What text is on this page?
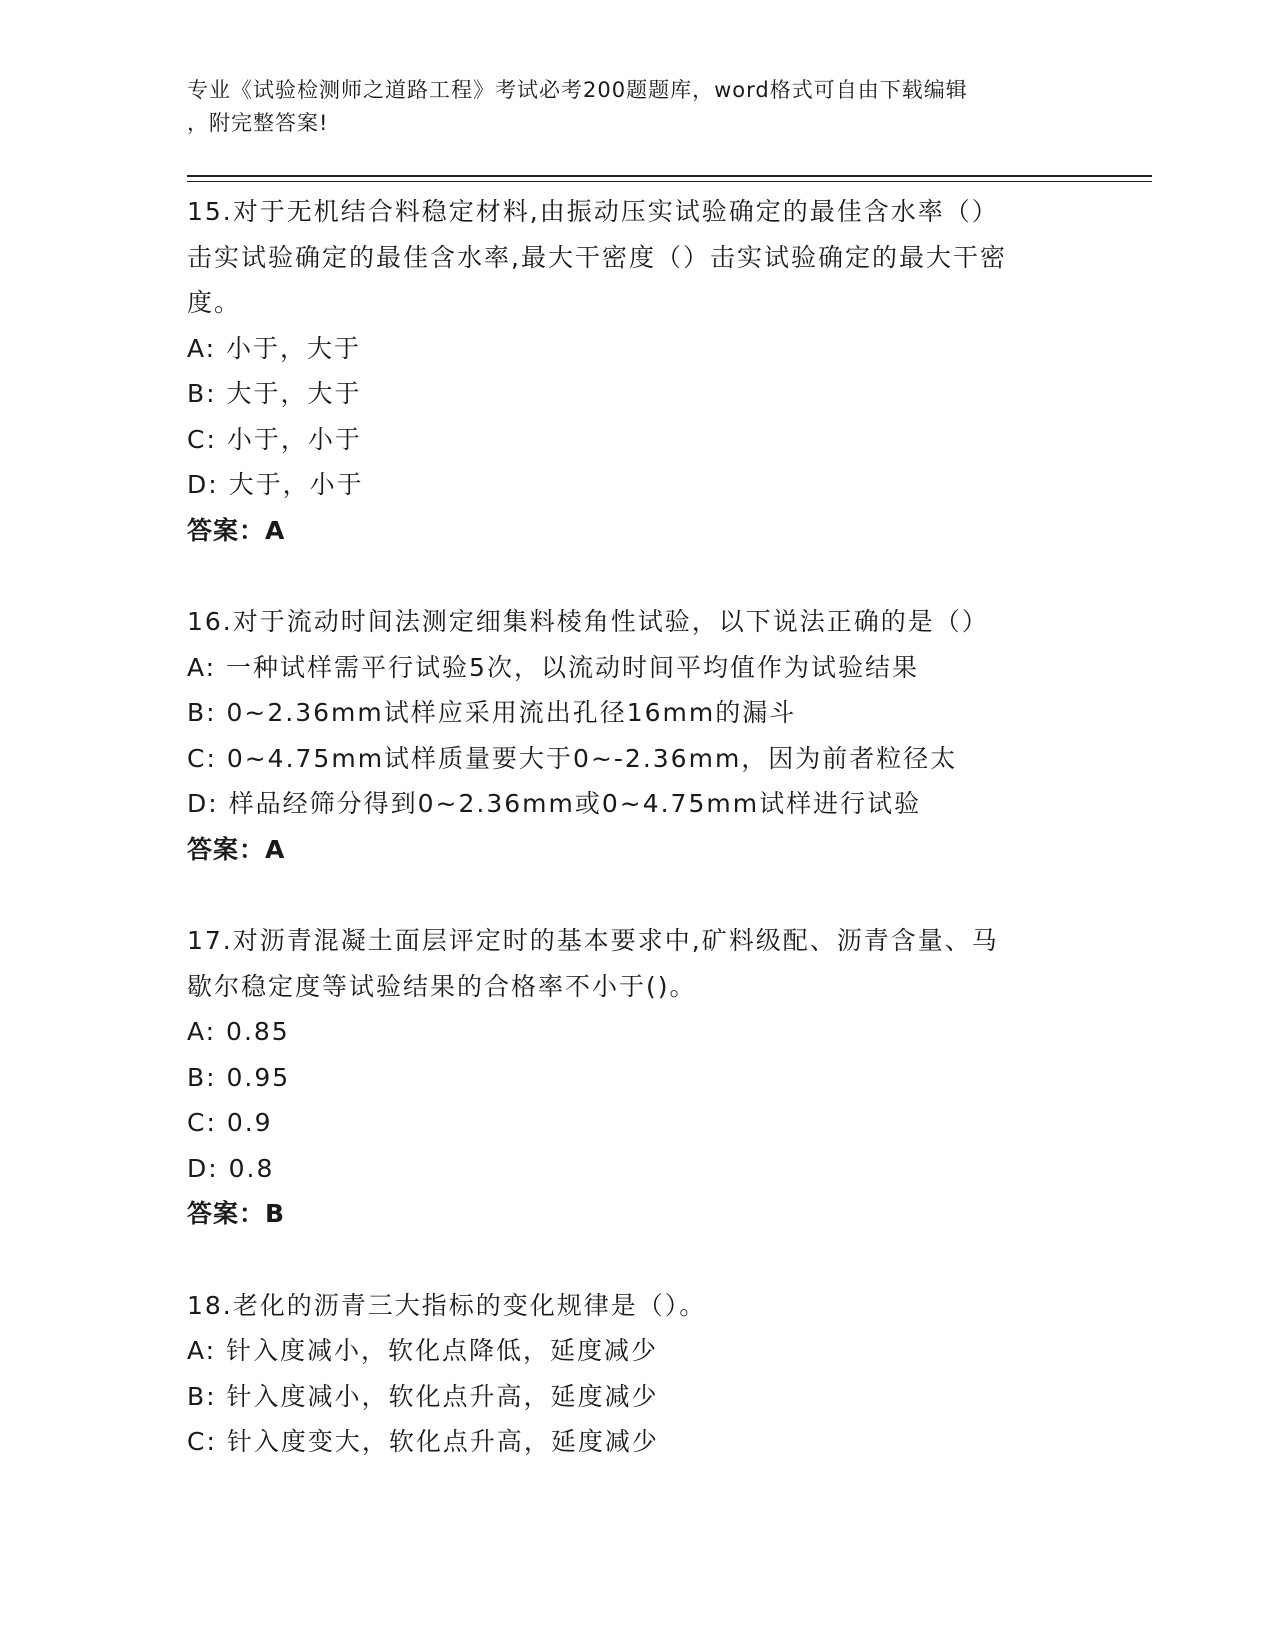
专业《试验检测师之道路工程》考试必考200题题库，word格式可自由下载编辑
，附完整答案!
15.对于无机结合料稳定材料,由振动压实试验确定的最佳含水率（）
击实试验确定的最佳含水率,最大干密度（）击实试验确定的最大干密
度。
A: 小于，大于
B: 大于，大于
C: 小于，小于
D: 大于，小于
答案：A
16.对于流动时间法测定细集料棱角性试验，以下说法正确的是（）
A: 一种试样需平行试验5次，以流动时间平均值作为试验结果
B: 0~2.36mm试样应采用流出孔径16mm的漏斗
C: 0~4.75mm试样质量要大于0~-2.36mm，因为前者粒径太
D: 样品经筛分得到0~2.36mm或0~4.75mm试样进行试验
答案：A
17.对沥青混凝土面层评定时的基本要求中,矿料级配、沥青含量、马
歇尔稳定度等试验结果的合格率不小于()。
A: 0.85
B: 0.95
C: 0.9
D: 0.8
答案：B
18.老化的沥青三大指标的变化规律是（）。
A: 针入度减小，软化点降低，延度减少
B: 针入度减小，软化点升高，延度减少
C: 针入度变大，软化点升高，延度减少
